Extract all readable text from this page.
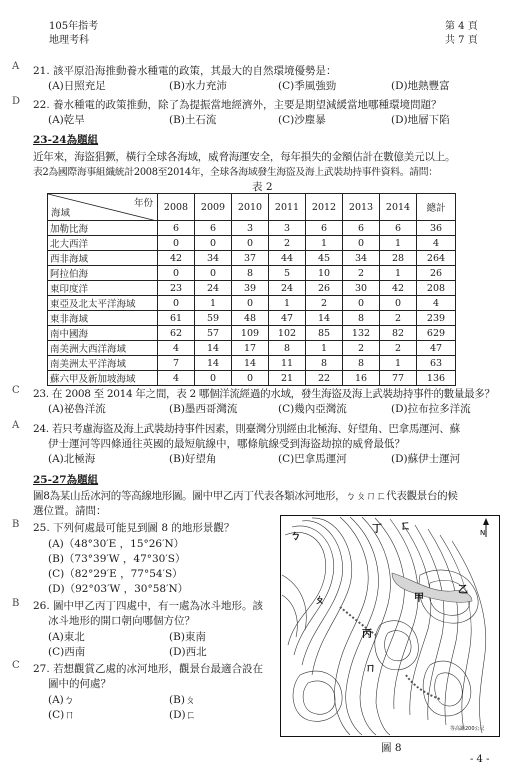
105年指考
地理考科
第 4 頁
共 7 頁
A 21. 該平原沿海推動養水種電的政策，其最大的自然環境優勢是：
(A)日照充足	(B)水力充沛	(C)季風強勁	(D)地熱豐富
D 22. 養水種電的政策推動，除了為提振當地經濟外，主要是期望減緩當地哪種環境問題？
(A)乾旱	(B)土石流	(C)沙塵暴	(D)地層下陷
23-24為題組
近年來，海盜猖獗，橫行全球各海域，威脅海運安全，每年損失的金額估計在數億美元以上。
表2為國際海事組織統計2008至2014年，全球各海域發生海盜及海上武裝劫持事件資料。請問：
表 2
年份
海域	2008	2009	2010	2011	2012	2013	2014	總計
加勒比海	6	6	3	3	6	6	6	36
北大西洋	0	0	0	2	1	0	1	4
西非海域	42	34	37	44	45	34	28	264
阿拉伯海	0	0	8	5	10	2	1	26
東印度洋	23	24	39	24	26	30	42	208
東亞及北太平洋海域	0	1	0	1	2	0	0	4
東非海域	61	59	48	47	14	8	2	239
南中國海	62	57	109	102	85	132	82	629
南美洲大西洋海域	4	14	17	8	1	2	2	47
南美洲太平洋海域	7	14	14	11	8	8	1	63
蘇六甲及新加坡海域	4	0	0	21	22	16	77	136
C 23. 在 2008 至 2014 年之間，表 2 哪個洋流經過的水域，發生海盜及海上武裝劫持事件的數量最多？
(A)祕魯洋流	(B)墨西哥灣流	(C)幾內亞灣流	(D)拉布拉多洋流
A 24. 若只考慮海盜及海上武裝劫持事件因素，則臺灣分別經由北極海、好望角、巴拿馬運河、蘇
伊士運河等四條通往英國的最短航線中，哪條航線受到海盜劫掠的威脅最低？
(A)北極海	(B)好望角	(C)巴拿馬運河	(D)蘇伊士運河
25-27為題組
圖8為某山岳冰河的等高線地形圖。圖中甲乙丙丁代表各類冰河地形，ㄅㄆㄇㄈ代表觀景台的候
選位置。請問：
B 25. 下列何處最可能見到圖 8 的地形景觀？
(A)（48°30′E ，15°26′N）
(B)（73°39′W ，47°30′S）
(C)（82°29′E ，77°54′S）
(D)（92°03′W ，30°58′N）
B 26. 圖中甲乙丙丁四處中，有一處為冰斗地形。該
冰斗地形的開口朝向哪個方位？
(A)東北	(B)東南
(C)西南	(D)西北
C 27. 若想觀賞乙處的冰河地形，觀景台最適合設在
圖中的何處？
(A)ㄅ	(B)ㄆ
(C)ㄇ	(D)ㄈ
N
ㄅ
ㄈ
ㄆ
ㄇ
丁
乙
丙
甲
等高距200公尺
圖 8
- 4 -
